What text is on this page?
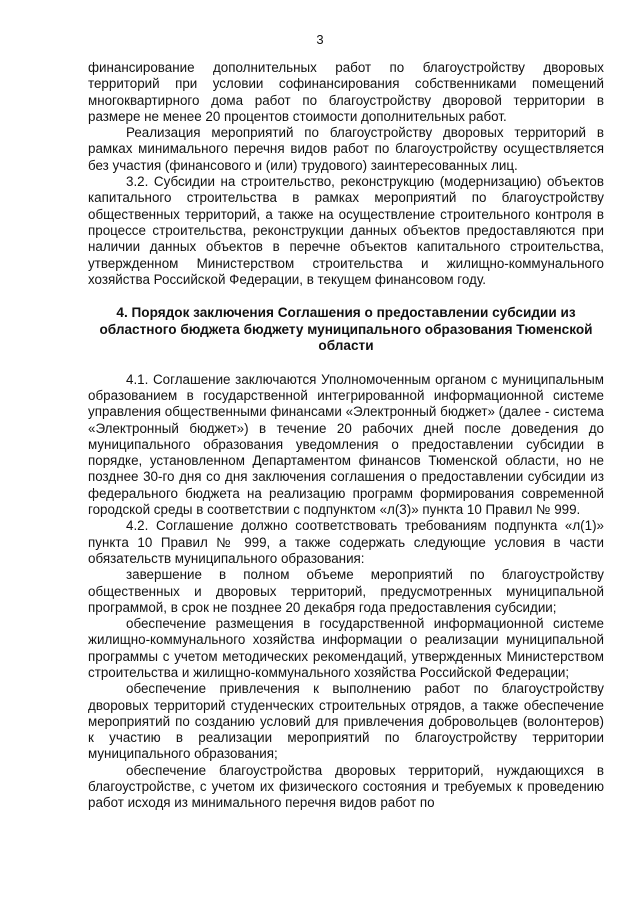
3

финансирование дополнительных работ по благоустройству дворовых территорий при условии софинансирования собственниками помещений многоквартирного дома работ по благоустройству дворовой территории в размере не менее 20 процентов стоимости дополнительных работ.

Реализация мероприятий по благоустройству дворовых территорий в рамках минимального перечня видов работ по благоустройству осуществляется без участия (финансового и (или) трудового) заинтересованных лиц.

3.2. Субсидии на строительство, реконструкцию (модернизацию) объектов капитального строительства в рамках мероприятий по благоустройству общественных территорий, а также на осуществление строительного контроля в процессе строительства, реконструкции данных объектов предоставляются при наличии данных объектов в перечне объектов капитального строительства, утвержденном Министерством строительства и жилищно-коммунального хозяйства Российской Федерации, в текущем финансовом году.

4. Порядок заключения Соглашения о предоставлении субсидии из областного бюджета бюджету муниципального образования Тюменской области

4.1. Соглашение заключаются Уполномоченным органом с муниципальным образованием в государственной интегрированной информационной системе управления общественными финансами «Электронный бюджет» (далее - система «Электронный бюджет») в течение 20 рабочих дней после доведения до муниципального образования уведомления о предоставлении субсидии в порядке, установленном Департаментом финансов Тюменской области, но не позднее 30-го дня со дня заключения соглашения о предоставлении субсидии из федерального бюджета на реализацию программ формирования современной городской среды в соответствии с подпунктом «л(3)» пункта 10 Правил № 999.

4.2. Соглашение должно соответствовать требованиям подпункта «л(1)» пункта 10 Правил № 999, а также содержать следующие условия в части обязательств муниципального образования:

завершение в полном объеме мероприятий по благоустройству общественных и дворовых территорий, предусмотренных муниципальной программой, в срок не позднее 20 декабря года предоставления субсидии;

обеспечение размещения в государственной информационной системе жилищно-коммунального хозяйства информации о реализации муниципальной программы с учетом методических рекомендаций, утвержденных Министерством строительства и жилищно-коммунального хозяйства Российской Федерации;

обеспечение привлечения к выполнению работ по благоустройству дворовых территорий студенческих строительных отрядов, а также обеспечение мероприятий по созданию условий для привлечения добровольцев (волонтеров) к участию в реализации мероприятий по благоустройству территории муниципального образования;

обеспечение благоустройства дворовых территорий, нуждающихся в благоустройстве, с учетом их физического состояния и требуемых к проведению работ исходя из минимального перечня видов работ по
